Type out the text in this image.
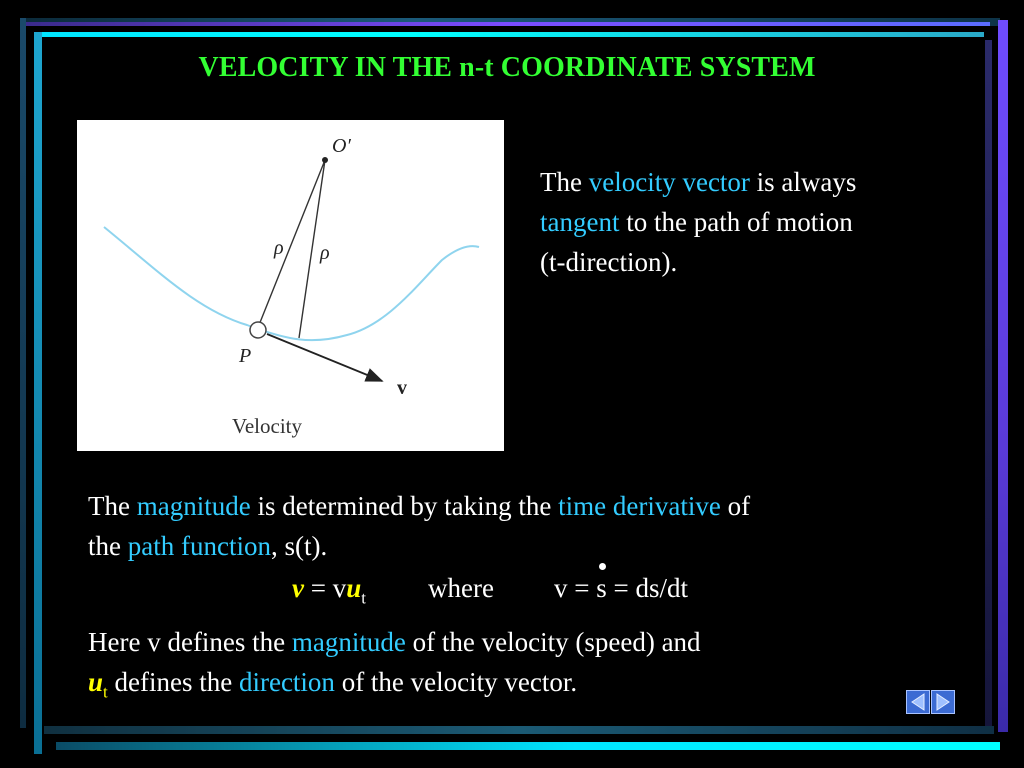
VELOCITY IN THE n-t COORDINATE SYSTEM
O′
ρ ρ
P
v
Velocity
The velocity vector is always
tangent to the path of motion
(t-direction).
The magnitude is determined by taking the time derivative of
the path function, s(t).
$v = vu_t$ where v =
s = ds/dt
Here v defines the magnitude of the velocity (speed) and
$u_t$ defines the direction of the velocity vector.
